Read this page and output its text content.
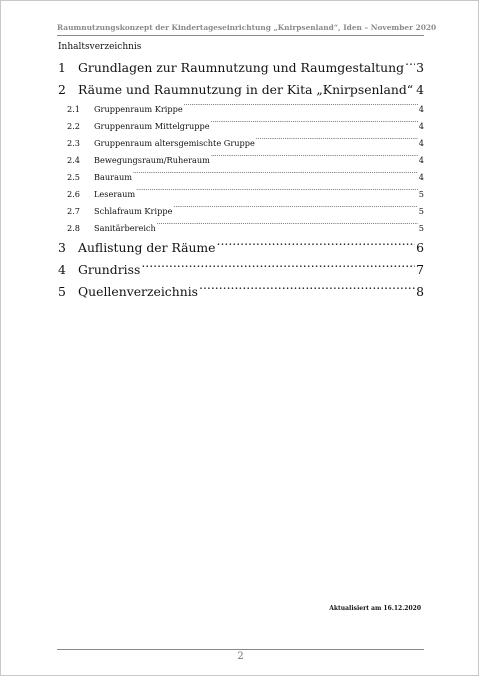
Raumnutzungskonzept der Kindertageseinrichtung „Knirpsenland“, Iden – November 2020
Inhaltsverzeichnis
1 Grundlagen zur Raumnutzung und Raumgestaltung ..... 3
2 Räume und Raumnutzung in der Kita „Knirpsenland“ ..... 4
2.1	Gruppenraum Krippe .....	4
2.2	Gruppenraum Mittelgruppe .....	4
2.3	Gruppenraum altersgemischte Gruppe .....	4
2.4	Bewegungsraum/Ruheraum .....	4
2.5	Bauraum .....	4
2.6	Leseraum .....	5
2.7	Schlafraum Krippe .....	5
2.8	Sanitärbereich .....	5
3 Auflistung der Räume .....	6
4 Grundriss .....	7
5 Quellenverzeichnis .....	8
Aktualisiert am 16.12.2020
2
